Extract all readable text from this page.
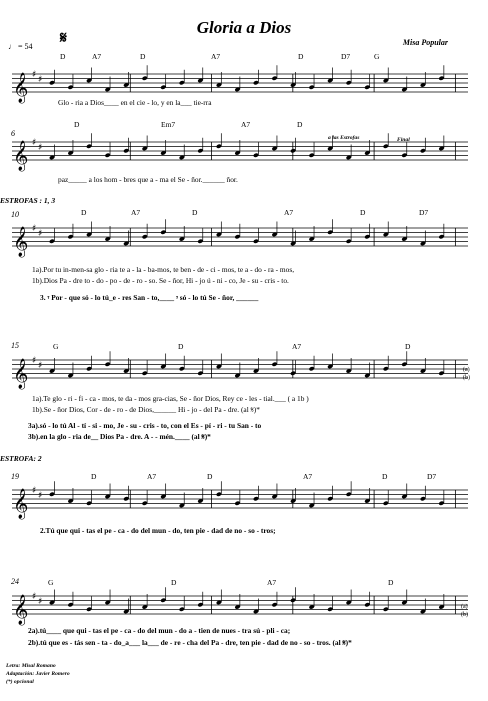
Gloria a Dios
Misa Popular
♩ = 54 𝄋
D	A7	D	A7	D	D7	G
𝄞 ♯ ♯
Glo - ria a Dios____ en el cie - lo, y en la___ tie-rra
6
D	Em7	A7	D
a las Estrofas	Final
𝄞 ♯ ♯
paz_____ a los hom - bres que a - ma el Se - ñor.______ ñor.
ESTROFAS : 1, 3
10	D	A7	D	A7	D	D7
𝄞 ♯ ♯
1a).Por tu in-men-sa glo - ria te a - la - ba-mos, te ben - de - ci - mos, te a - do - ra - mos,
1b).Dios Pa - dre to - do - po - de - ro - so. Se - ñor, Hi - jo ú - ni - co, Je - su - cris - to.
3. 𝄾 Por - que só - lo tú_e - res San - to,____ 𝄾 só - lo tú Se - ñor, ______
15	G	D	A7	D
(a)
(b)
𝄞 ♯ ♯
1a).Te glo - ri - fi - ca - mos, te da - mos gra-cias, Se - ñor Dios, Rey ce - les - tial.___ ( a 1b )
1b).Se - ñor Dios, Cor - de - ro - de Dios,______ Hi - jo - del Pa - dre. (al 𝄋)*
3a).só - lo tú Al - tí - si - mo, Je - su - cris - to, con el Es - pí - ri - tu San - to
3b).en la glo - ria de__ Dios Pa - dre. A - - mén.____ (al 𝄋)*
ESTROFA: 2
19	D	A7	D	A7	D	D7
𝄞 ♯ ♯
2.Tú que qui - tas el pe - ca - do del mun - do, ten pie - dad de no - so - tros;
24	G	D	A7	D
(a)
(b)
𝄞 ♯ ♯
2a).tú____ que qui - tas el pe - ca - do del mun - do a - tien de nues - tra sú - pli - ca;
2b).tú que es - tás sen - ta - do_a___ la___ de - re - cha del Pa - dre, ten pie - dad de no - so - tros. (al 𝄋)*
Letra: Misal Romano
Adaptación: Javier Romero
(*) opcional
